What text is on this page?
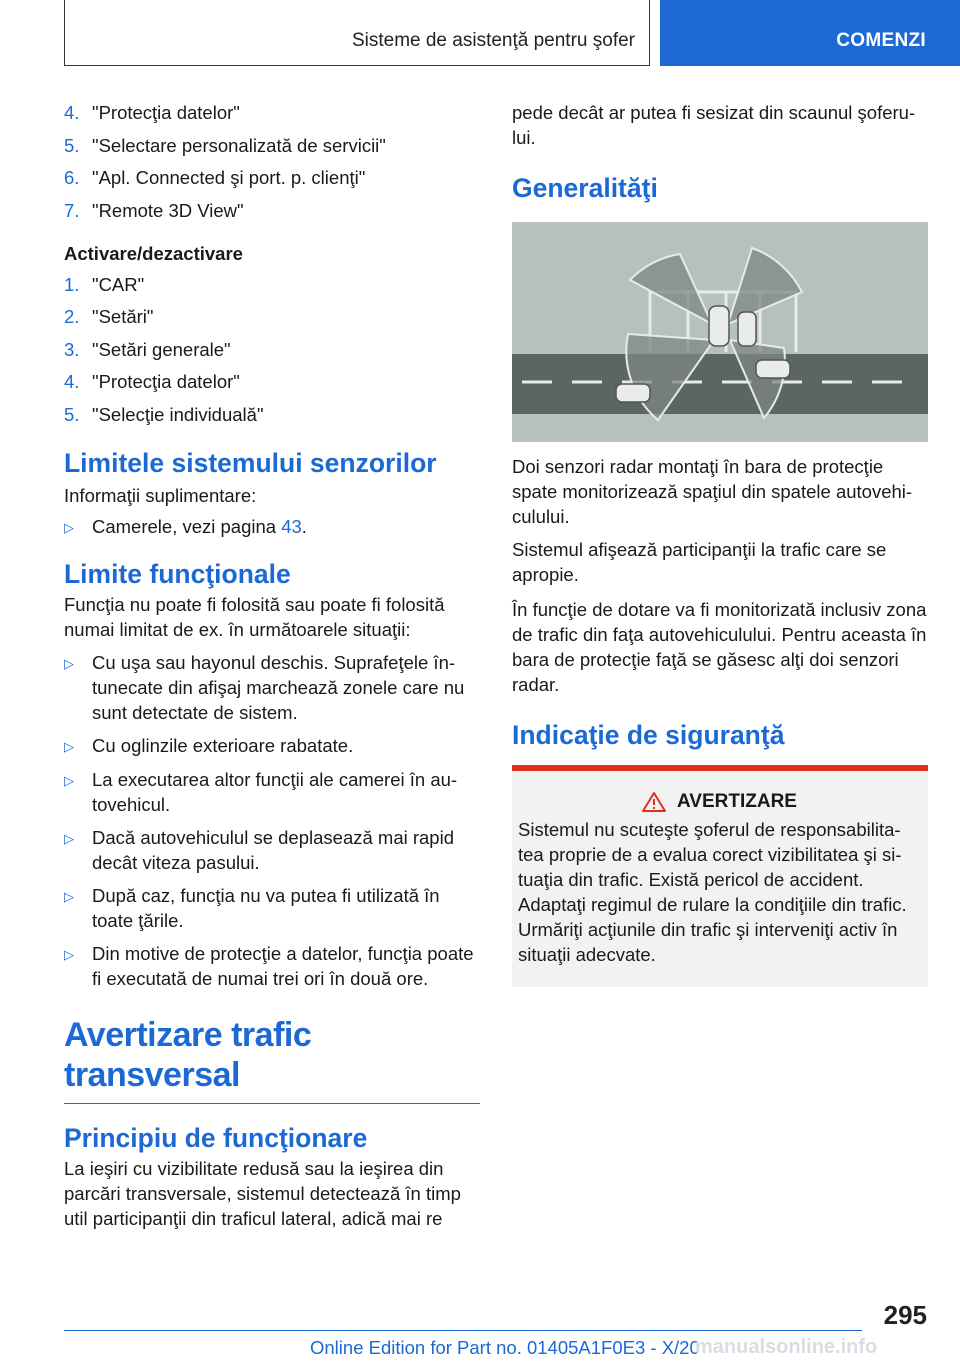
Sisteme de asistenţă pentru şofer	COMENZI
4. "Protecţia datelor"
5. "Selectare personalizată de servicii"
6. "Apl. Connected şi port. p. clienţi"
7. "Remote 3D View"
Activare/dezactivare
1. "CAR"
2. "Setări"
3. "Setări generale"
4. "Protecţia datelor"
5. "Selecţie individuală"
Limitele sistemului senzorilor
Informaţii suplimentare:
▷ Camerele, vezi pagina 43.
Limite funcţionale
Funcţia nu poate fi folosită sau poate fi folosită numai limitat de ex. în următoarele situaţii:
▷ Cu uşa sau hayonul deschis. Suprafeţele întunecate din afişaj marchează zonele care nu sunt detectate de sistem.
▷ Cu oglinzile exterioare rabatate.
▷ La executarea altor funcţii ale camerei în autovehicul.
▷ Dacă autovehiculul se deplasează mai rapid decât viteza pasului.
▷ După caz, funcţia nu va putea fi utilizată în toate ţările.
▷ Din motive de protecţie a datelor, funcţia poate fi executată de numai trei ori în două ore.
Avertizare trafic transversal
Principiu de funcţionare
La ieşiri cu vizibilitate redusă sau la ieşirea din parcări transversale, sistemul detectează în timp util participanţii din traficul lateral, adică mai re
pede decât ar putea fi sesizat din scaunul şoferului.
Generalităţi
Doi senzori radar montaţi în bara de protecţie spate monitorizează spaţiul din spatele autovehiculului.
Sistemul afişează participanţii la trafic care se apropie.
În funcţie de dotare va fi monitorizată inclusiv zona de trafic din faţa autovehiculului. Pentru aceasta în bara de protecţie faţă se găsesc alţi doi senzori radar.
Indicaţie de siguranţă
AVERTIZARE
Sistemul nu scuteşte şoferul de responsabilitatea proprie de a evalua corect vizibilitatea şi situaţia din trafic. Există pericol de accident. Adaptaţi regimul de rulare la condiţiile din trafic. Urmăriţi acţiunile din trafic şi interveniţi activ în situaţii adecvate.
295
Online Edition for Part no. 01405A1F0E3 - X/20
manualsonline.info
